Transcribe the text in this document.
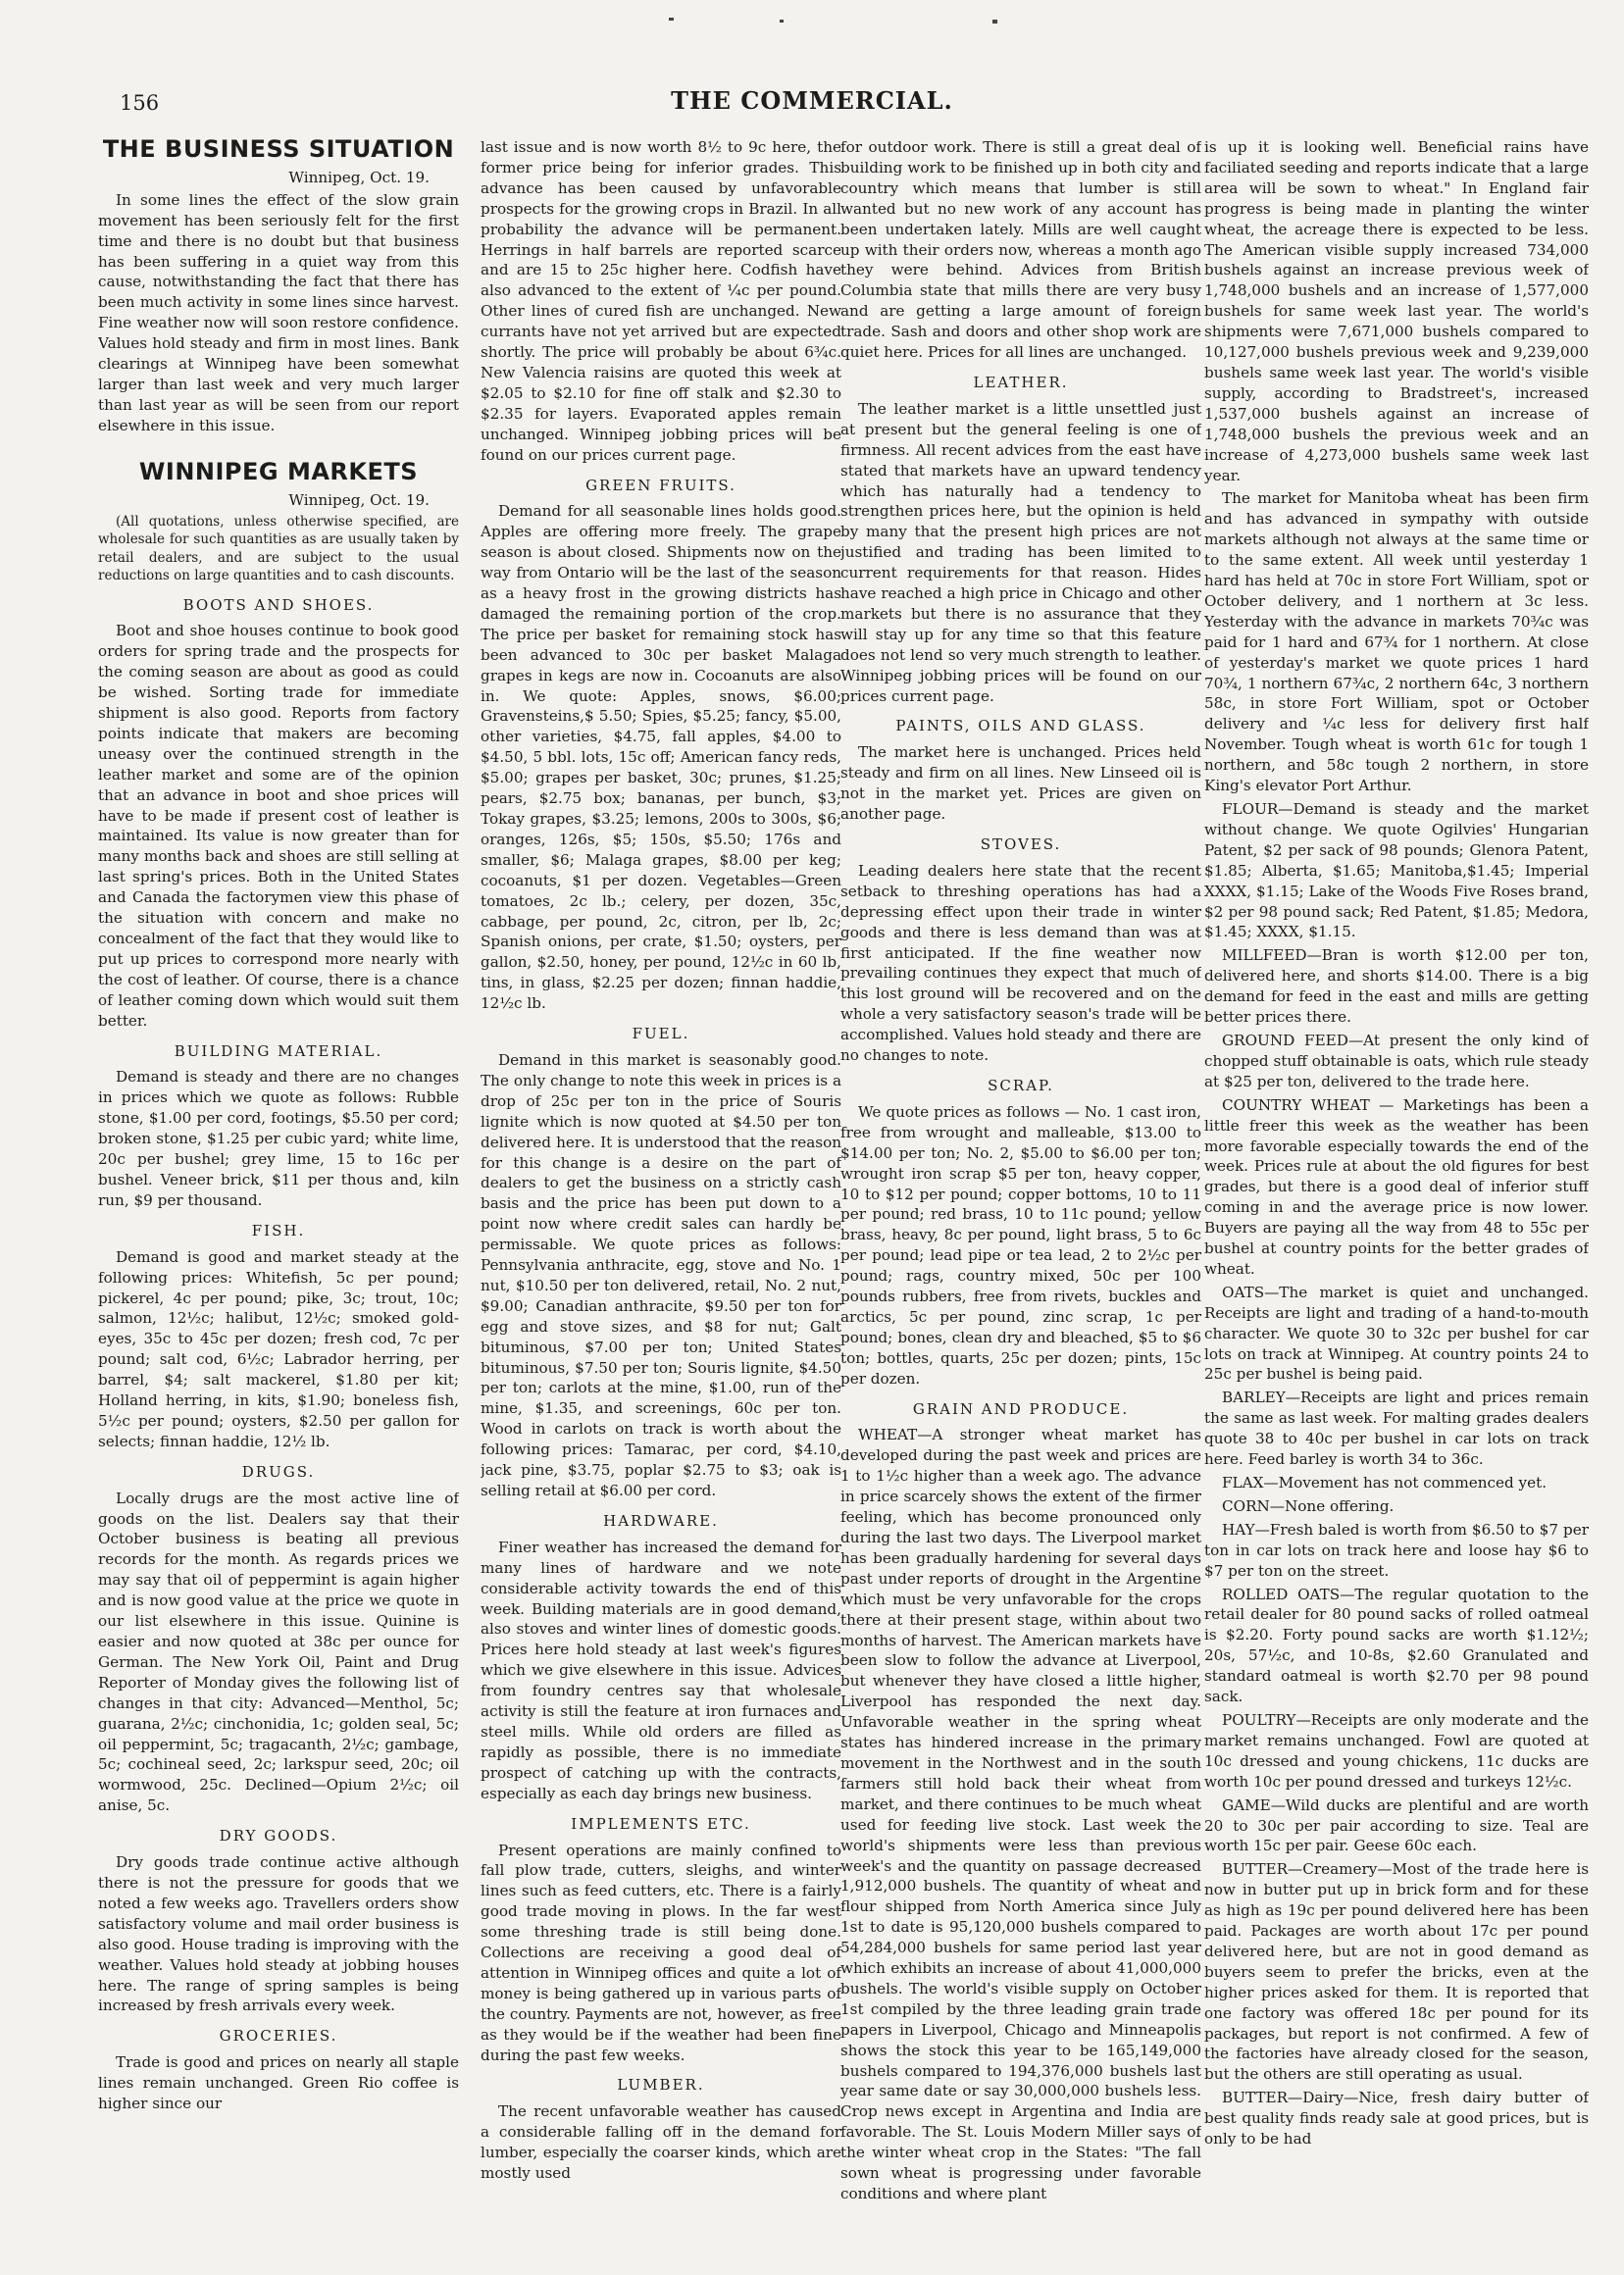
156	THE COMMERCIAL.
THE BUSINESS SITUATION
Winnipeg, Oct. 19.

In some lines the effect of the slow grain movement has been seriously felt for the first time and there is no doubt but that business has been suffering in a quiet way from this cause, notwithstanding the fact that there has been much activity in some lines since harvest. Fine weather now will soon restore confidence. Values hold steady and firm in most lines. Bank clearings at Winnipeg have been somewhat larger than last week and very much larger than last year as will be seen from our report elsewhere in this issue.

WINNIPEG MARKETS
Winnipeg, Oct. 19.

(All quotations, unless otherwise specified, are wholesale for such quantities as are usually taken by retail dealers, and are subject to the usual reductions on large quantities and to cash discounts.

BOOTS AND SHOES.

Boot and shoe houses continue to book good orders for spring trade and the prospects for the coming season are about as good as could be wished. Sorting trade for immediate shipment is also good. Reports from factory points indicate that makers are becoming uneasy over the continued strength in the leather market and some are of the opinion that an advance in boot and shoe prices will have to be made if present cost of leather is maintained. Its value is now greater than for many months back and shoes are still selling at last spring's prices. Both in the United States and Canada the factorymen view this phase of the situation with concern and make no concealment of the fact that they would like to put up prices to correspond more nearly with the cost of leather. Of course, there is a chance of leather coming down which would suit them better.

BUILDING MATERIAL.

Demand is steady and there are no changes in prices which we quote as follows: Rubble stone, $1.00 per cord, footings, $5.50 per cord; broken stone, $1.25 per cubic yard; white lime, 20c per bushel; grey lime, 15 to 16c per bushel. Veneer brick, $11 per thous and, kiln run, $9 per thousand.

FISH.

Demand is good and market steady at the following prices: Whitefish, 5c per pound; pickerel, 4c per pound; pike, 3c; trout, 10c; salmon, 12½c; halibut, 12½c; smoked gold-eyes, 35c to 45c per dozen; fresh cod, 7c per pound; salt cod, 6½c; Labrador herring, per barrel, $4; salt mackerel, $1.80 per kit; Holland herring, in kits, $1.90; boneless fish, 5½c per pound; oysters, $2.50 per gallon for selects; finnan haddie, 12½ lb.

DRUGS.

Locally drugs are the most active line of goods on the list. Dealers say that their October business is beating all previous records for the month. As regards prices we may say that oil of peppermint is again higher and is now good value at the price we quote in our list elsewhere in this issue. Quinine is easier and now quoted at 38c per ounce for German. The New York Oil, Paint and Drug Reporter of Monday gives the following list of changes in that city: Advanced—Menthol, 5c; guarana, 2½c; cinchonidia, 1c; golden seal, 5c; oil peppermint, 5c; tragacanth, 2½c; gambage, 5c; cochineal seed, 2c; larkspur seed, 20c; oil wormwood, 25c. Declined—Opium 2½c; oil anise, 5c.

DRY GOODS.

Dry goods trade continue active although there is not the pressure for goods that we noted a few weeks ago. Travellers orders show satisfactory volume and mail order business is also good. House trading is improving with the weather. Values hold steady at jobbing houses here. The range of spring samples is being increased by fresh arrivals every week.

GROCERIES.

Trade is good and prices on nearly all staple lines remain unchanged. Green Rio coffee is higher since our

last issue and is now worth 8½ to 9c here, the former price being for inferior grades. This advance has been caused by unfavorable prospects for the growing crops in Brazil. In all probability the advance will be permanent. Herrings in half barrels are reported scarce and are 15 to 25c higher here. Codfish have also advanced to the extent of ¼c per pound. Other lines of cured fish are unchanged. New currants have not yet arrived but are expected shortly. The price will probably be about 6¾c. New Valencia raisins are quoted this week at $2.05 to $2.10 for fine off stalk and $2.30 to $2.35 for layers. Evaporated apples remain unchanged. Winnipeg jobbing prices will be found on our prices current page.

GREEN FRUITS.

Demand for all seasonable lines holds good. Apples are offering more freely. The grape season is about closed. Shipments now on the way from Ontario will be the last of the season as a heavy frost in the growing districts has damaged the remaining portion of the crop. The price per basket for remaining stock has been advanced to 30c per basket Malaga grapes in kegs are now in. Cocoanuts are also in. We quote: Apples, snows, $6.00; Gravensteins,$ 5.50; Spies, $5.25; fancy, $5.00, other varieties, $4.75, fall apples, $4.00 to $4.50, 5 bbl. lots, 15c off; American fancy reds, $5.00; grapes per basket, 30c; prunes, $1.25; pears, $2.75 box; bananas, per bunch, $3; Tokay grapes, $3.25; lemons, 200s to 300s, $6; oranges, 126s, $5; 150s, $5.50; 176s and smaller, $6; Malaga grapes, $8.00 per keg; cocoanuts, $1 per dozen. Vegetables—Green tomatoes, 2c lb.; celery, per dozen, 35c, cabbage, per pound, 2c, citron, per lb, 2c; Spanish onions, per crate, $1.50; oysters, per gallon, $2.50, honey, per pound, 12½c in 60 lb, tins, in glass, $2.25 per dozen; finnan haddie, 12½c lb.

FUEL.

Demand in this market is seasonably good. The only change to note this week in prices is a drop of 25c per ton in the price of Souris lignite which is now quoted at $4.50 per ton delivered here. It is understood that the reason for this change is a desire on the part of dealers to get the business on a strictly cash basis and the price has been put down to a point now where credit sales can hardly be permissable. We quote prices as follows: Pennsylvania anthracite, egg, stove and No. 1 nut, $10.50 per ton delivered, retail, No. 2 nut, $9.00; Canadian anthracite, $9.50 per ton for egg and stove sizes, and $8 for nut; Galt bituminous, $7.00 per ton; United States bituminous, $7.50 per ton; Souris lignite, $4.50 per ton; carlots at the mine, $1.00, run of the mine, $1.35, and screenings, 60c per ton. Wood in carlots on track is worth about the following prices: Tamarac, per cord, $4.10, jack pine, $3.75, poplar $2.75 to $3; oak is selling retail at $6.00 per cord.

HARDWARE.

Finer weather has increased the demand for many lines of hardware and we note considerable activity towards the end of this week. Building materials are in good demand, also stoves and winter lines of domestic goods. Prices here hold steady at last week's figures which we give elsewhere in this issue. Advices from foundry centres say that wholesale activity is still the feature at iron furnaces and steel mills. While old orders are filled as rapidly as possible, there is no immediate prospect of catching up with the contracts, especially as each day brings new business.

IMPLEMENTS ETC.

Present operations are mainly confined to fall plow trade, cutters, sleighs, and winter lines such as feed cutters, etc. There is a fairly good trade moving in plows. In the far west some threshing trade is still being done. Collections are receiving a good deal of attention in Winnipeg offices and quite a lot of money is being gathered up in various parts of the country. Payments are not, however, as free as they would be if the weather had been fine during the past few weeks.

LUMBER.

The recent unfavorable weather has caused a considerable falling off in the demand for lumber, especially the coarser kinds, which are mostly used

for outdoor work. There is still a great deal of building work to be finished up in both city and country which means that lumber is still wanted but no new work of any account has been undertaken lately. Mills are well caught up with their orders now, whereas a month ago they were behind. Advices from British Columbia state that mills there are very busy and are getting a large amount of foreign trade. Sash and doors and other shop work are quiet here. Prices for all lines are unchanged.

LEATHER.

The leather market is a little unsettled just at present but the general feeling is one of firmness. All recent advices from the east have stated that markets have an upward tendency which has naturally had a tendency to strengthen prices here, but the opinion is held by many that the present high prices are not justified and trading has been limited to current requirements for that reason. Hides have reached a high price in Chicago and other markets but there is no assurance that they will stay up for any time so that this feature does not lend so very much strength to leather. Winnipeg jobbing prices will be found on our prices current page.

PAINTS, OILS AND GLASS.

The market here is unchanged. Prices held steady and firm on all lines. New Linseed oil is not in the market yet. Prices are given on another page.

STOVES.

Leading dealers here state that the recent setback to threshing operations has had a depressing effect upon their trade in winter goods and there is less demand than was at first anticipated. If the fine weather now prevailing continues they expect that much of this lost ground will be recovered and on the whole a very satisfactory season's trade will be accomplished. Values hold steady and there are no changes to note.

SCRAP.

We quote prices as follows — No. 1 cast iron, free from wrought and malleable, $13.00 to $14.00 per ton; No. 2, $5.00 to $6.00 per ton; wrought iron scrap $5 per ton, heavy copper, 10 to $12 per pound; copper bottoms, 10 to 11 per pound; red brass, 10 to 11c pound; yellow brass, heavy, 8c per pound, light brass, 5 to 6c per pound; lead pipe or tea lead, 2 to 2½c per pound; rags, country mixed, 50c per 100 pounds rubbers, free from rivets, buckles and arctics, 5c per pound, zinc scrap, 1c per pound; bones, clean dry and bleached, $5 to $6 ton; bottles, quarts, 25c per dozen; pints, 15c per dozen.

GRAIN AND PRODUCE.

WHEAT—A stronger wheat market has developed during the past week and prices are 1 to 1½c higher than a week ago. The advance in price scarcely shows the extent of the firmer feeling, which has become pronounced only during the last two days. The Liverpool market has been gradually hardening for several days past under reports of drought in the Argentine which must be very unfavorable for the crops there at their present stage, within about two months of harvest. The American markets have been slow to follow the advance at Liverpool, but whenever they have closed a little higher, Liverpool has responded the next day. Unfavorable weather in the spring wheat states has hindered increase in the primary movement in the Northwest and in the south farmers still hold back their wheat from market, and there continues to be much wheat used for feeding live stock. Last week the world's shipments were less than previous week's and the quantity on passage decreased 1,912,000 bushels. The quantity of wheat and flour shipped from North America since July 1st to date is 95,120,000 bushels compared to 54,284,000 bushels for same period last year which exhibits an increase of about 41,000,000 bushels. The world's visible supply on October 1st compiled by the three leading grain trade papers in Liverpool, Chicago and Minneapolis shows the stock this year to be 165,149,000 bushels compared to 194,376,000 bushels last year same date or say 30,000,000 bushels less. Crop news except in Argentina and India are favorable. The St. Louis Modern Miller says of the winter wheat crop in the States: "The fall sown wheat is progressing under favorable conditions and where plant

is up it is looking well. Beneficial rains have faciliated seeding and reports indicate that a large area will be sown to wheat." In England fair progress is being made in planting the winter wheat, the acreage there is expected to be less. The American visible supply increased 734,000 bushels against an increase previous week of 1,748,000 bushels and an increase of 1,577,000 bushels for same week last year. The world's shipments were 7,671,000 bushels compared to 10,127,000 bushels previous week and 9,239,000 bushels same week last year. The world's visible supply, according to Bradstreet's, increased 1,537,000 bushels against an increase of 1,748,000 bushels the previous week and an increase of 4,273,000 bushels same week last year.

The market for Manitoba wheat has been firm and has advanced in sympathy with outside markets although not always at the same time or to the same extent. All week until yesterday 1 hard has held at 70c in store Fort William, spot or October delivery, and 1 northern at 3c less. Yesterday with the advance in markets 70¾c was paid for 1 hard and 67¾ for 1 northern. At close of yesterday's market we quote prices 1 hard 70¾, 1 northern 67¾c, 2 northern 64c, 3 northern 58c, in store Fort William, spot or October delivery and ¼c less for delivery first half November. Tough wheat is worth 61c for tough 1 northern, and 58c tough 2 northern, in store King's elevator Port Arthur.

FLOUR—Demand is steady and the market without change. We quote Ogilvies' Hungarian Patent, $2 per sack of 98 pounds; Glenora Patent, $1.85; Alberta, $1.65; Manitoba,$1.45; Imperial XXXX, $1.15; Lake of the Woods Five Roses brand, $2 per 98 pound sack; Red Patent, $1.85; Medora, $1.45; XXXX, $1.15.

MILLFEED—Bran is worth $12.00 per ton, delivered here, and shorts $14.00. There is a big demand for feed in the east and mills are getting better prices there.

GROUND FEED—At present the only kind of chopped stuff obtainable is oats, which rule steady at $25 per ton, delivered to the trade here.

COUNTRY WHEAT — Marketings has been a little freer this week as the weather has been more favorable especially towards the end of the week. Prices rule at about the old figures for best grades, but there is a good deal of inferior stuff coming in and the average price is now lower. Buyers are paying all the way from 48 to 55c per bushel at country points for the better grades of wheat.

OATS—The market is quiet and unchanged. Receipts are light and trading of a hand-to-mouth character. We quote 30 to 32c per bushel for car lots on track at Winnipeg. At country points 24 to 25c per bushel is being paid.

BARLEY—Receipts are light and prices remain the same as last week. For malting grades dealers quote 38 to 40c per bushel in car lots on track here. Feed barley is worth 34 to 36c.

FLAX—Movement has not commenced yet.

CORN—None offering.

HAY—Fresh baled is worth from $6.50 to $7 per ton in car lots on track here and loose hay $6 to $7 per ton on the street.

ROLLED OATS—The regular quotation to the retail dealer for 80 pound sacks of rolled oatmeal is $2.20. Forty pound sacks are worth $1.12½; 20s, 57½c, and 10-8s, $2.60 Granulated and standard oatmeal is worth $2.70 per 98 pound sack.

POULTRY—Receipts are only moderate and the market remains unchanged. Fowl are quoted at 10c dressed and young chickens, 11c ducks are worth 10c per pound dressed and turkeys 12½c.

GAME—Wild ducks are plentiful and are worth 20 to 30c per pair according to size. Teal are worth 15c per pair. Geese 60c each.

BUTTER—Creamery—Most of the trade here is now in butter put up in brick form and for these as high as 19c per pound delivered here has been paid. Packages are worth about 17c per pound delivered here, but are not in good demand as buyers seem to prefer the bricks, even at the higher prices asked for them. It is reported that one factory was offered 18c per pound for its packages, but report is not confirmed. A few of the factories have already closed for the season, but the others are still operating as usual.

BUTTER—Dairy—Nice, fresh dairy butter of best quality finds ready sale at good prices, but is only to be had
